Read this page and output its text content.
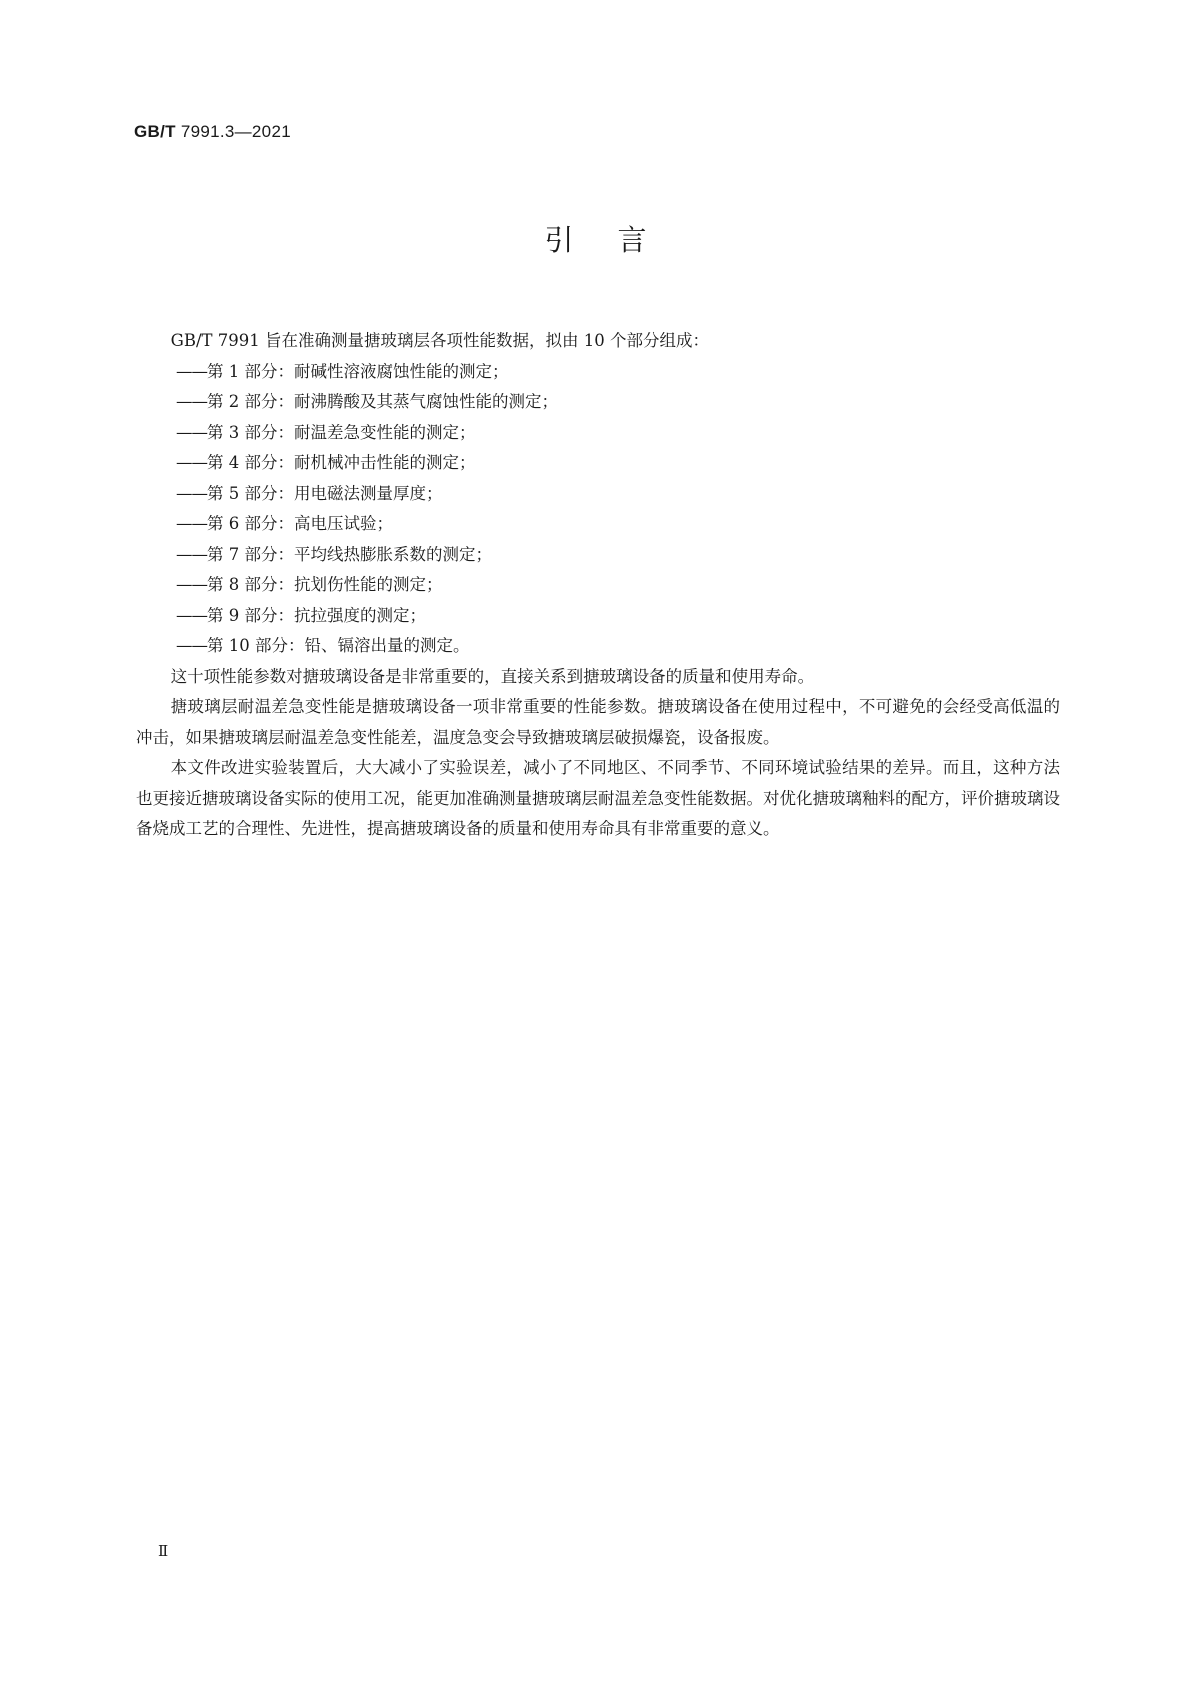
GB/T 7991.3—2021
引言

GB/T 7991 旨在准确测量搪玻璃层各项性能数据，拟由 10 个部分组成：

——第 1 部分：耐碱性溶液腐蚀性能的测定；
——第 2 部分：耐沸腾酸及其蒸气腐蚀性能的测定；
——第 3 部分：耐温差急变性能的测定；
——第 4 部分：耐机械冲击性能的测定；
——第 5 部分：用电磁法测量厚度；
——第 6 部分：高电压试验；
——第 7 部分：平均线热膨胀系数的测定；
——第 8 部分：抗划伤性能的测定；
——第 9 部分：抗拉强度的测定；
——第 10 部分：铅、镉溶出量的测定。

这十项性能参数对搪玻璃设备是非常重要的，直接关系到搪玻璃设备的质量和使用寿命。

搪玻璃层耐温差急变性能是搪玻璃设备一项非常重要的性能参数。搪玻璃设备在使用过程中，不可避免的会经受高低温的冲击，如果搪玻璃层耐温差急变性能差，温度急变会导致搪玻璃层破损爆瓷，设备报废。

本文件改进实验装置后，大大减小了实验误差，减小了不同地区、不同季节、不同环境试验结果的差异。而且，这种方法也更接近搪玻璃设备实际的使用工况，能更加准确测量搪玻璃层耐温差急变性能数据。对优化搪玻璃釉料的配方，评价搪玻璃设备烧成工艺的合理性、先进性，提高搪玻璃设备的质量和使用寿命具有非常重要的意义。

Ⅱ
